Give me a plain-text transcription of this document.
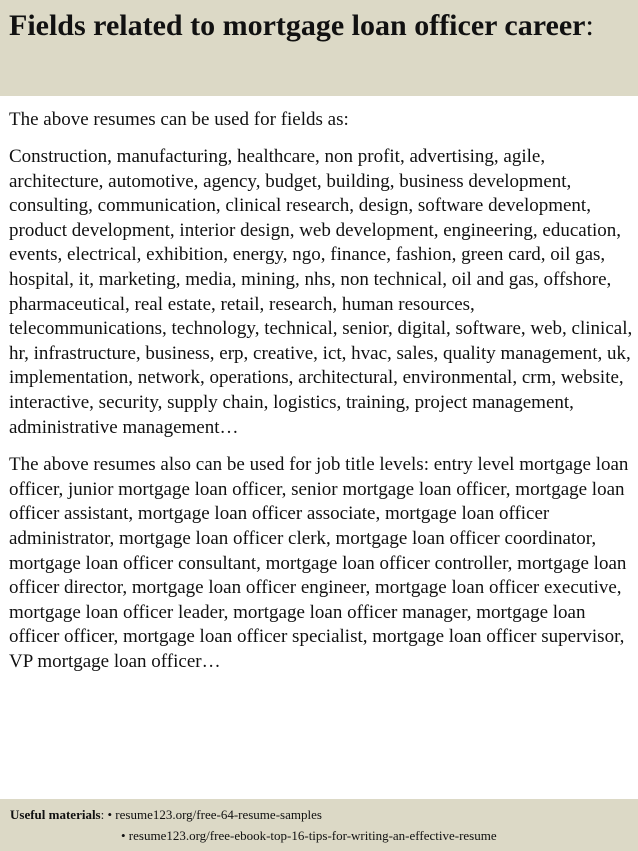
Fields related to mortgage loan officer career:

The above resumes can be used for fields as:

Construction, manufacturing, healthcare, non profit, advertising, agile, architecture, automotive, agency, budget, building, business development, consulting, communication, clinical research, design, software development, product development, interior design, web development, engineering, education, events, electrical, exhibition, energy, ngo, finance, fashion, green card, oil gas, hospital, it, marketing, media, mining, nhs, non technical, oil and gas, offshore, pharmaceutical, real estate, retail, research, human resources, telecommunications, technology, technical, senior, digital, software, web, clinical, hr, infrastructure, business, erp, creative, ict, hvac, sales, quality management, uk, implementation, network, operations, architectural, environmental, crm, website, interactive, security, supply chain, logistics, training, project management, administrative management…

The above resumes also can be used for job title levels: entry level mortgage loan officer, junior mortgage loan officer, senior mortgage loan officer, mortgage loan officer assistant, mortgage loan officer associate, mortgage loan officer administrator, mortgage loan officer clerk, mortgage loan officer coordinator, mortgage loan officer consultant, mortgage loan officer controller, mortgage loan officer director, mortgage loan officer engineer, mortgage loan officer executive, mortgage loan officer leader, mortgage loan officer manager, mortgage loan officer officer, mortgage loan officer specialist, mortgage loan officer supervisor, VP mortgage loan officer…

Useful materials: • resume123.org/free-64-resume-samples
• resume123.org/free-ebook-top-16-tips-for-writing-an-effective-resume
